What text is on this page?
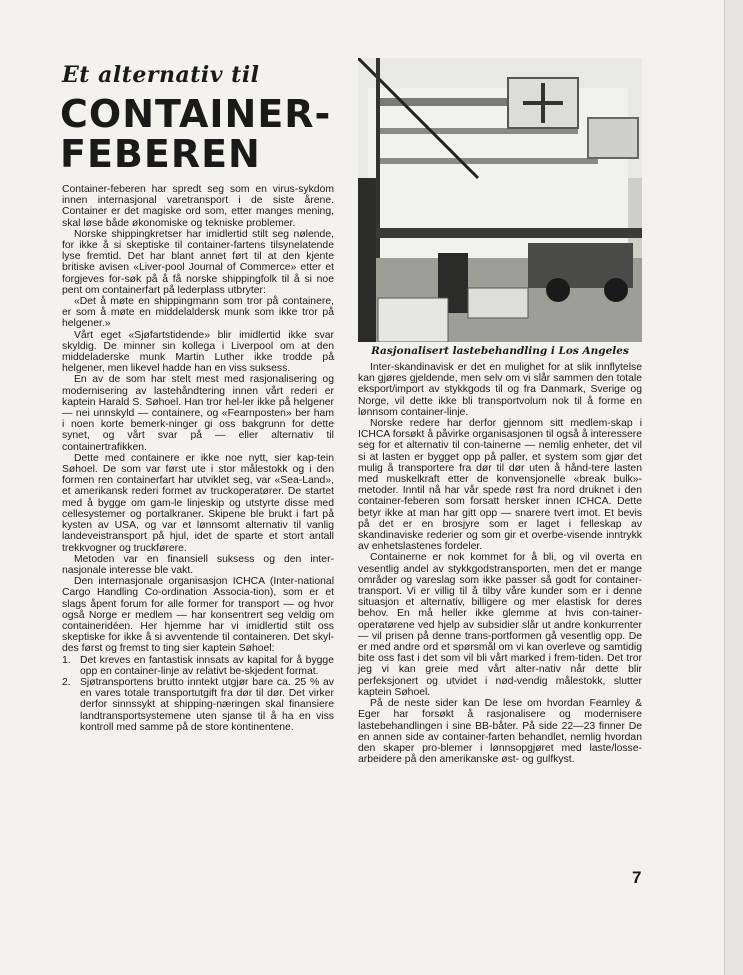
Et alternativ til
CONTAINER-
FEBEREN

Container-feberen har spredt seg som en virus-sykdom innen internasjonal varetransport i de siste årene. Container er det magiske ord som, etter manges mening, skal løse både økonomiske og tekniske problemer.

Norske shippingkretser har imidlertid stilt seg nølende, for ikke å si skeptiske til container-fartens tilsynelatende lyse fremtid. Det har blant annet ført til at den kjente britiske avisen «Liver-pool Journal of Commerce» etter et forgjeves for-søk på å få norske shippingfolk til å si noe pent om containerfart på lederplass utbryter:

«Det å møte en shippingmann som tror på containere, er som å møte en middelaldersk munk som ikke tror på helgener.»

Vårt eget «Sjøfartstidende» blir imidlertid ikke svar skyldig. De minner sin kollega i Liverpool om at den middeladerske munk Martin Luther ikke trodde på helgener, men likevel hadde han en viss suksess.

En av de som har stelt mest med rasjonalisering og modernisering av lastehåndtering innen vårt rederi er kaptein Harald S. Søhoel. Han tror hel-ler ikke på helgener — nei unnskyld — containere, og «Fearnposten» ber ham i noen korte bemerk-ninger gi oss bakgrunn for dette synet, og vårt svar på — eller alternativ til containertrafikken.

Dette med containere er ikke noe nytt, sier kap-tein Søhoel. De som var først ute i stor målestokk og i den formen ren containerfart har utviklet seg, var «Sea-Land», et amerikansk rederi formet av truckoperatører. De startet med å bygge om gam-le linjeskip og utstyrte disse med cellesystemer og portalkraner. Skipene ble brukt i fart på kysten av USA, og var et lønnsomt alternativ til vanlig landeveistransport på hjul, idet de sparte et stort antall trekkvogner og truckførere.

Metoden var en finansiell suksess og den inter-nasjonale interesse ble vakt.

Den internasjonale organisasjon ICHCA (Inter-national Cargo Handling Co-ordination Associa-tion), som er et slags åpent forum for alle former for transport — og hvor også Norge er medlem — har konsentrert seg veldig om containeridéen. Her hjemme har vi imidlertid stilt oss skeptiske for ikke å si avventende til containeren. Det skyl-des først og fremst to ting sier kaptein Søhoel:

1. Det kreves en fantastisk innsats av kapital for å bygge opp en container-linje av relativt be-skjedent format.
2. Sjøtransportens brutto inntekt utgjør bare ca. 25 % av en vares totale transportutgift fra dør til dør. Det virker derfor sinnssykt at shipping-næringen skal finansiere landtransportsystemene uten sjanse til å ha en viss kontroll med samme på de store kontinentene.
Rasjonalisert lastebehandling i Los Angeles

Inter-skandinavisk er det en mulighet for at slik innflytelse kan gjøres gjeldende, men selv om vi slår sammen den totale eksport/import av stykkgods til og fra Danmark, Sverige og Norge, vil dette ikke bli transportvolum nok til å forme en lønnsom container-linje.

Norske redere har derfor gjennom sitt medlem-skap i ICHCA forsøkt å påvirke organisasjonen til også å interessere seg for et alternativ til con-tainerne — nemlig enheter, det vil si at lasten er bygget opp på paller, et system som gjør det mulig å transportere fra dør til dør uten å hånd-tere lasten med muskelkraft etter de konvensjonelle «break bulk»-metoder. Inntil nå har vår spede røst fra nord druknet i den container-feberen som forsatt hersker innen ICHCA. Dette betyr ikke at man har gitt opp — snarere tvert imot. Et bevis på det er en brosjyre som er laget i felleskap av skandinaviske rederier og som gir et overbe-visende inntrykk av enhetslastenes fordeler.

Containerne er nok kommet for å bli, og vil overta en vesentlig andel av stykkgodstransporten, men det er mange områder og vareslag som ikke passer så godt for container-transport. Vi er villig til å tilby våre kunder som er i denne situasjon et alternativ, billigere og mer elastisk for deres behov. En må heller ikke glemme at hvis con-tainer-operatørene ved hjelp av subsidier slår ut andre konkurrenter — vil prisen på denne trans-portformen gå vesentlig opp. De er med andre ord et spørsmål om vi kan overleve og samtidig bite oss fast i det som vil bli vårt marked i frem-tiden. Det tror jeg vi kan greie med vårt alter-nativ når dette blir perfeksjonert og utvidet i nød-vendig målestokk, slutter kaptein Søhoel.

På de neste sider kan De lese om hvordan Fearnley & Eger har forsøkt å rasjonalisere og modernisere lastebehandlingen i sine BB-båter. På side 22—23 finner De en annen side av container-farten behandlet, nemlig hvordan den skaper pro-blemer i lønnsopgjøret med laste/losse-arbeidere på den amerikanske øst- og gulfkyst.

7
